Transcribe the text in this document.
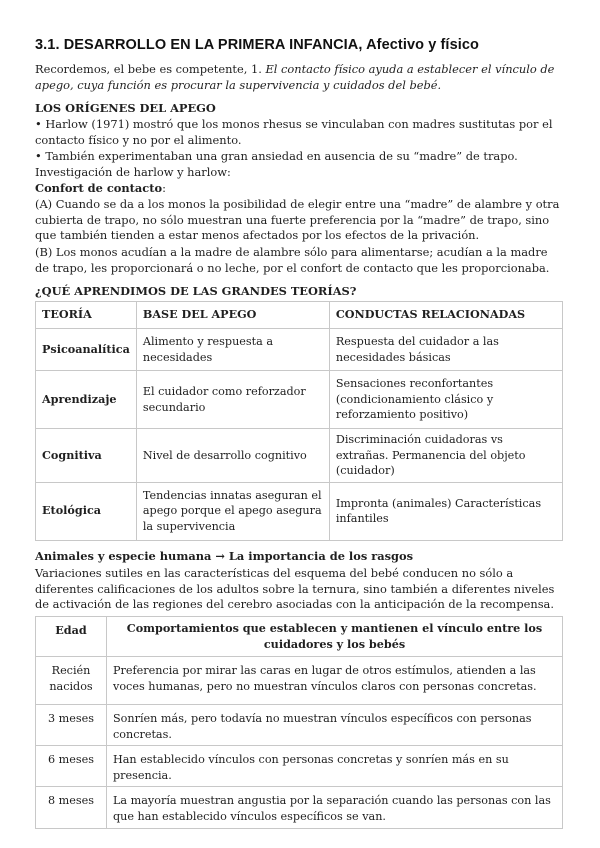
3.1. DESARROLLO EN LA PRIMERA INFANCIA, Afectivo y físico
Recordemos, el bebe es competente, 1. El contacto físico ayuda a establecer el vínculo de apego, cuya función es procurar la supervivencia y cuidados del bebé.
LOS ORÍGENES DEL APEGO
• Harlow (1971) mostró que los monos rhesus se vinculaban con madres sustitutas por el contacto físico y no por el alimento.
• También experimentaban una gran ansiedad en ausencia de su “madre” de trapo.
Investigación de harlow y harlow:
Confort de contacto:
(A) Cuando se da a los monos la posibilidad de elegir entre una “madre” de alambre y otra cubierta de trapo, no sólo muestran una fuerte preferencia por la “madre” de trapo, sino que también tienden a estar menos afectados por los efectos de la privación.
(B) Los monos acudían a la madre de alambre sólo para alimentarse; acudían a la madre de trapo, les proporcionará o no leche, por el confort de contacto que les proporcionaba.
¿QUÉ APRENDIMOS DE LAS GRANDES TEORÍAS?
TEORÍA	BASE DEL APEGO	CONDUCTAS RELACIONADAS
Psicoanalítica	Alimento y respuesta a necesidades	Respuesta del cuidador a las necesidades básicas
Aprendizaje	El cuidador como reforzador secundario	Sensaciones reconfortantes (condicionamiento clásico y reforzamiento positivo)
Cognitiva	Nivel de desarrollo cognitivo	Discriminación cuidadoras vs extrañas. Permanencia del objeto (cuidador)
Etológica	Tendencias innatas aseguran el apego porque el apego asegura la supervivencia	Impronta (animales) Características infantiles
Animales y especie humana → La importancia de los rasgos
Variaciones sutiles en las características del esquema del bebé conducen no sólo a diferentes calificaciones de los adultos sobre la ternura, sino también a diferentes niveles de activación de las regiones del cerebro asociadas con la anticipación de la recompensa.
Edad	Comportamientos que establecen y mantienen el vínculo entre los cuidadores y los bebés
Recién nacidos	Preferencia por mirar las caras en lugar de otros estímulos, atienden a las voces humanas, pero no muestran vínculos claros con personas concretas.
3 meses	Sonríen más, pero todavía no muestran vínculos específicos con personas concretas.
6 meses	Han establecido vínculos con personas concretas y sonríen más en su presencia.
8 meses	La mayoría muestran angustia por la separación cuando las personas con las que han establecido vínculos específicos se van.
